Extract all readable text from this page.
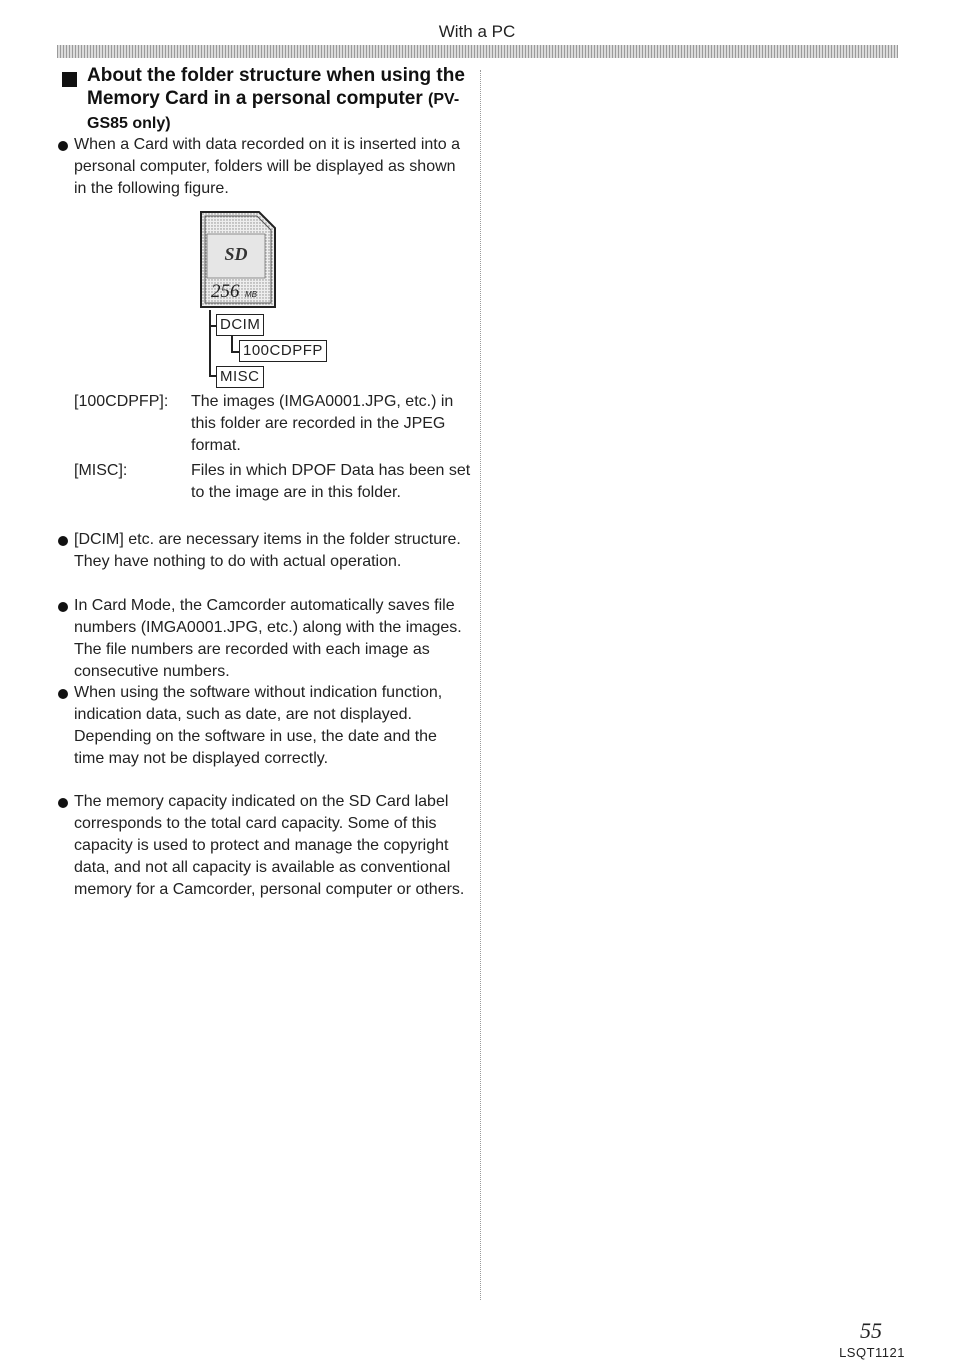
With a PC

About the folder structure when using the Memory Card in a personal computer (PV-GS85 only)

When a Card with data recorded on it is inserted into a personal computer, folders will be displayed as shown in the following figure.
SD
256 MB
DCIM
100CDPFP
MISC
[100CDPFP]: The images (IMGA0001.JPG, etc.) in this folder are recorded in the JPEG format.
[MISC]:	Files in which DPOF Data has been set to the image are in this folder.
[DCIM] etc. are necessary items in the folder structure. They have nothing to do with actual operation.
In Card Mode, the Camcorder automatically saves file numbers (IMGA0001.JPG, etc.) along with the images. The file numbers are recorded with each image as consecutive numbers.
When using the software without indication function, indication data, such as date, are not displayed. Depending on the software in use, the date and the time may not be displayed correctly.
The memory capacity indicated on the SD Card label corresponds to the total card capacity. Some of this capacity is used to protect and manage the copyright data, and not all capacity is available as conventional memory for a Camcorder, personal computer or others.
55
LSQT1121
